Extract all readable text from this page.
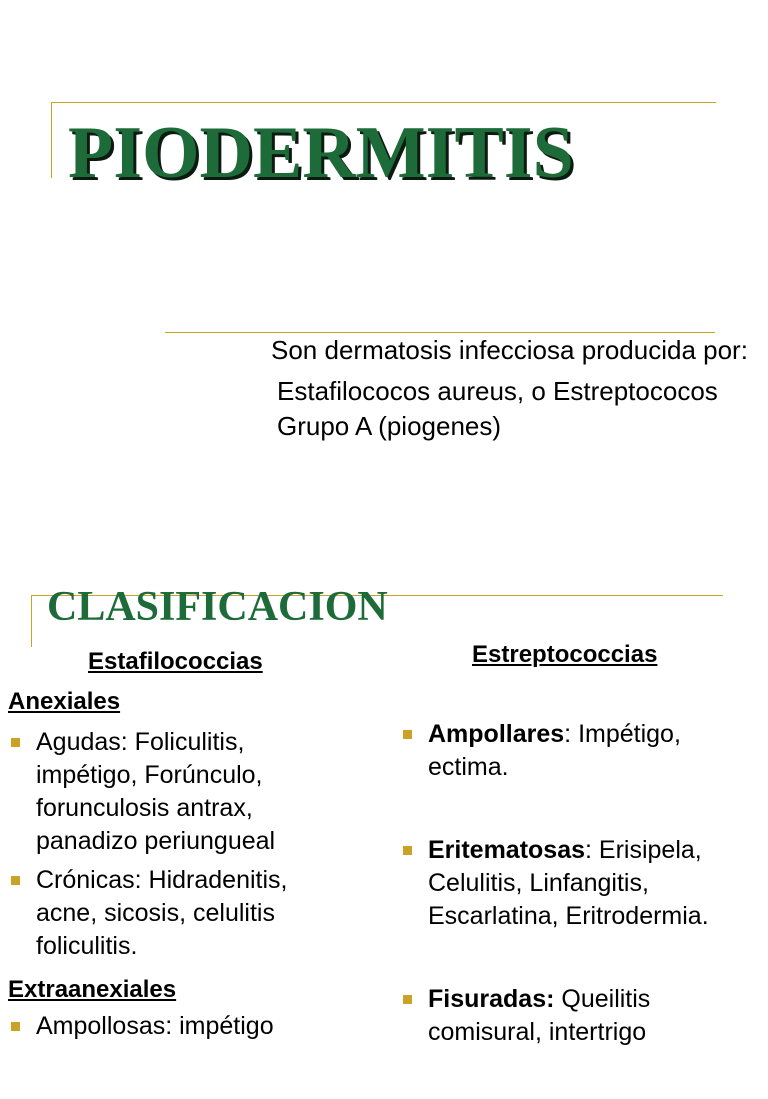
PIODERMITIS

Son dermatosis infecciosa producida por:

Estafilococos aureus, o Estreptococos Grupo A (piogenes)

CLASIFICACION
Estafilococcias	Estreptococcias
Anexiales
Agudas: Foliculitis, impétigo, Forúnculo, forunculosis antrax, panadizo periungueal
Crónicas: Hidradenitis, acne, sicosis, celulitis foliculitis.
Extraanexiales
Ampollosas: impétigo
Ampollares: Impétigo, ectima.
Eritematosas: Erisipela, Celulitis, Linfangitis, Escarlatina, Eritrodermia.
Fisuradas: Queilitis comisural, intertrigo
